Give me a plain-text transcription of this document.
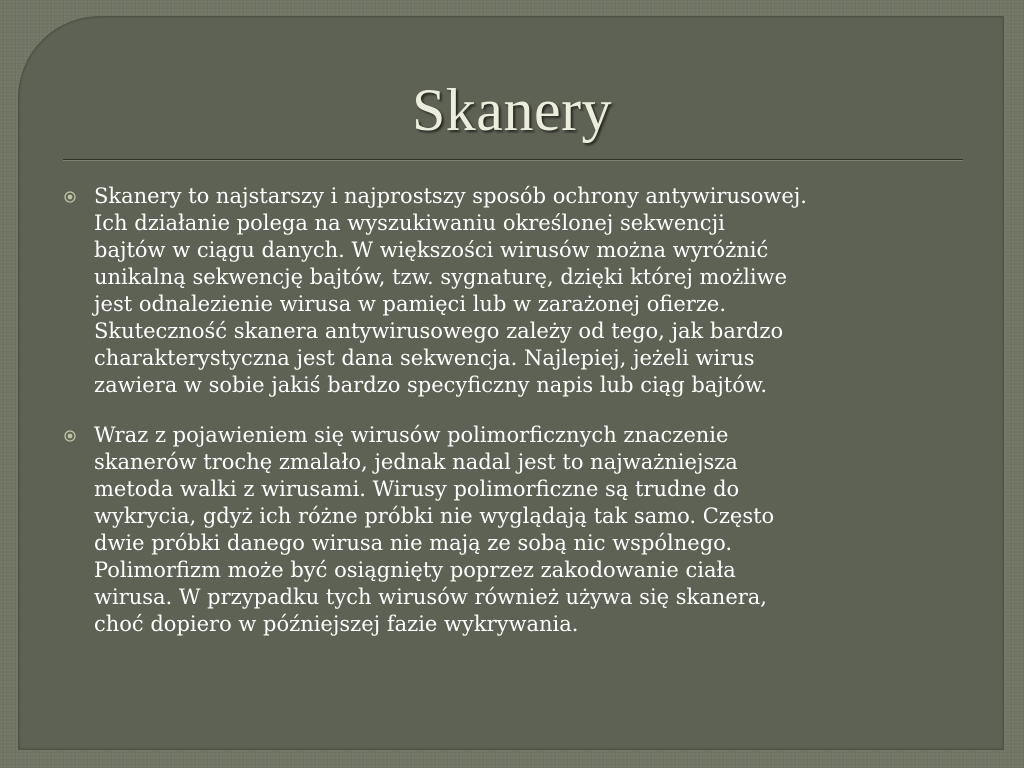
Skanery
Skanery to najstarszy i najprostszy sposób ochrony antywirusowej.
Ich działanie polega na wyszukiwaniu określonej sekwencji
bajtów w ciągu danych. W większości wirusów można wyróżnić
unikalną sekwencję bajtów, tzw. sygnaturę, dzięki której możliwe
jest odnalezienie wirusa w pamięci lub w zarażonej ofierze.
Skuteczność skanera antywirusowego zależy od tego, jak bardzo
charakterystyczna jest dana sekwencja. Najlepiej, jeżeli wirus
zawiera w sobie jakiś bardzo specyficzny napis lub ciąg bajtów.
Wraz z pojawieniem się wirusów polimorficznych znaczenie
skanerów trochę zmalało, jednak nadal jest to najważniejsza
metoda walki z wirusami. Wirusy polimorficzne są trudne do
wykrycia, gdyż ich różne próbki nie wyglądają tak samo. Często
dwie próbki danego wirusa nie mają ze sobą nic wspólnego.
Polimorfizm może być osiągnięty poprzez zakodowanie ciała
wirusa. W przypadku tych wirusów również używa się skanera,
choć dopiero w późniejszej fazie wykrywania.
